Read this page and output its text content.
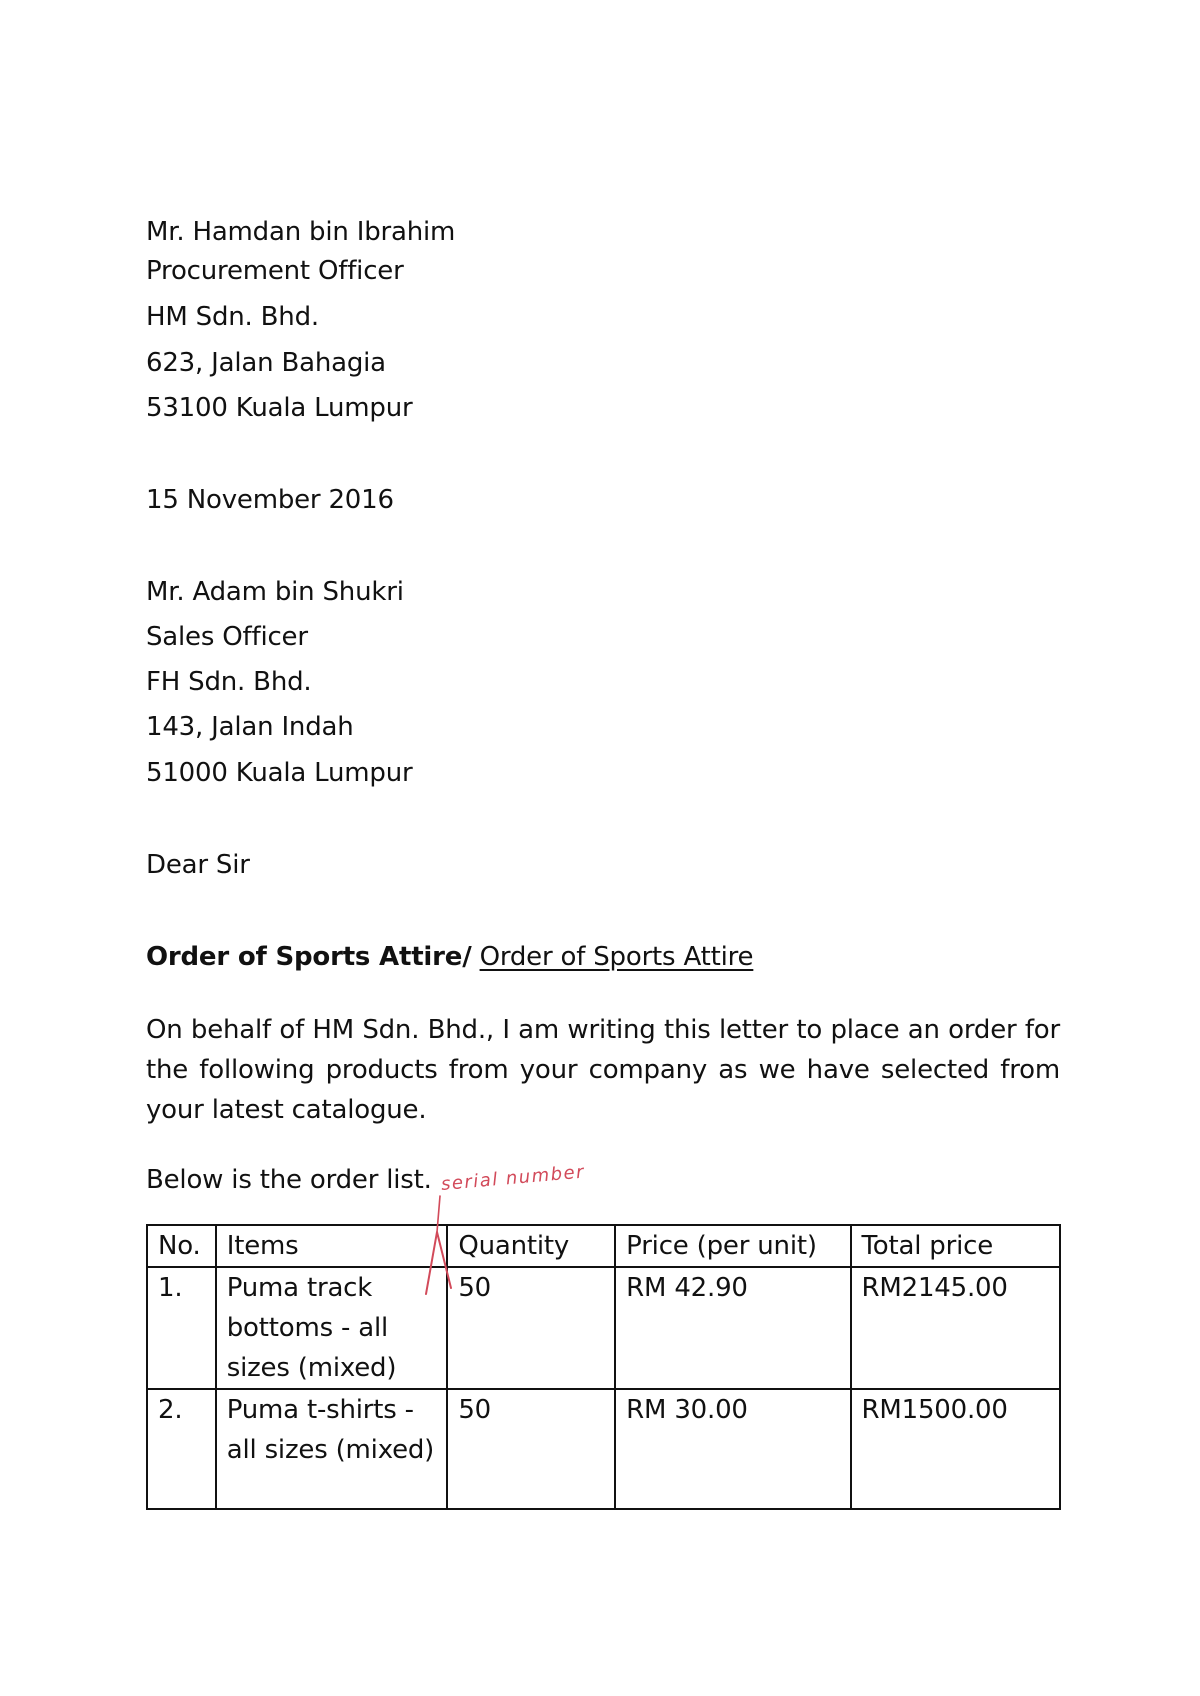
Mr. Hamdan bin Ibrahim
Procurement Officer
HM Sdn. Bhd.
623, Jalan Bahagia
53100 Kuala Lumpur
15 November 2016
Mr. Adam bin Shukri
Sales Officer
FH Sdn. Bhd.
143, Jalan Indah
51000 Kuala Lumpur
Dear Sir
Order of Sports Attire/ Order of Sports Attire
On behalf of HM Sdn. Bhd., I am writing this letter to place an order for the following products from your company as we have selected from your latest catalogue.
Below is the order list.
No.	Items	Quantity	Price (per unit)	Total price
1.	Puma track bottoms - all sizes (mixed)	50	RM 42.90	RM2145.00
2.	Puma t-shirts - all sizes (mixed)	50	RM 30.00	RM1500.00
serial number
